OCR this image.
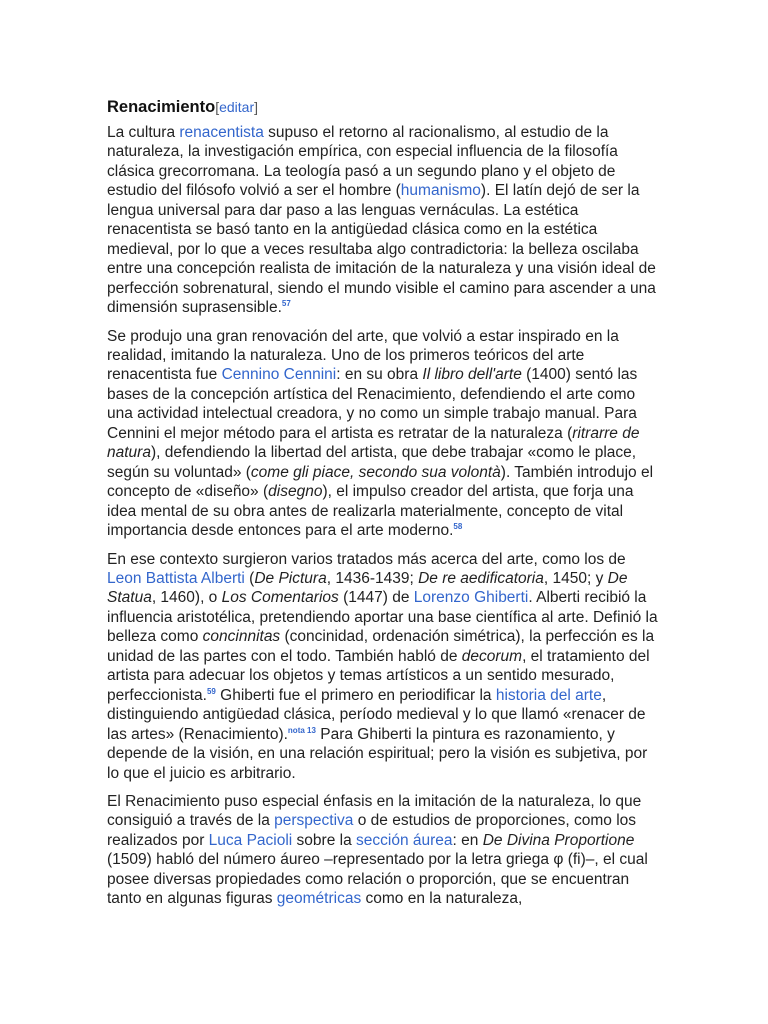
Renacimiento[editar]

La cultura renacentista supuso el retorno al racionalismo, al estudio de la naturaleza, la investigación empírica, con especial influencia de la filosofía clásica grecorromana. La teología pasó a un segundo plano y el objeto de estudio del filósofo volvió a ser el hombre (humanismo). El latín dejó de ser la lengua universal para dar paso a las lenguas vernáculas. La estética renacentista se basó tanto en la antigüedad clásica como en la estética medieval, por lo que a veces resultaba algo contradictoria: la belleza oscilaba entre una concepción realista de imitación de la naturaleza y una visión ideal de perfección sobrenatural, siendo el mundo visible el camino para ascender a una dimensión suprasensible.$^{57}$

Se produjo una gran renovación del arte, que volvió a estar inspirado en la realidad, imitando la naturaleza. Uno de los primeros teóricos del arte renacentista fue Cennino Cennini: en su obra Il libro dell'arte (1400) sentó las bases de la concepción artística del Renacimiento, defendiendo el arte como una actividad intelectual creadora, y no como un simple trabajo manual. Para Cennini el mejor método para el artista es retratar de la naturaleza (ritrarre de natura), defendiendo la libertad del artista, que debe trabajar «como le place, según su voluntad» (come gli piace, secondo sua volontà). También introdujo el concepto de «diseño» (disegno), el impulso creador del artista, que forja una idea mental de su obra antes de realizarla materialmente, concepto de vital importancia desde entonces para el arte moderno.$^{58}$

En ese contexto surgieron varios tratados más acerca del arte, como los de Leon Battista Alberti (De Pictura, 1436-1439; De re aedificatoria, 1450; y De Statua, 1460), o Los Comentarios (1447) de Lorenzo Ghiberti. Alberti recibió la influencia aristotélica, pretendiendo aportar una base científica al arte. Definió la belleza como concinnitas (concinidad, ordenación simétrica), la perfección es la unidad de las partes con el todo. También habló de decorum, el tratamiento del artista para adecuar los objetos y temas artísticos a un sentido mesurado, perfeccionista.$^{59}$ Ghiberti fue el primero en periodificar la historia del arte, distinguiendo antigüedad clásica, período medieval y lo que llamó «renacer de las artes» (Renacimiento).$^{nota 13}$ Para Ghiberti la pintura es razonamiento, y depende de la visión, en una relación espiritual; pero la visión es subjetiva, por lo que el juicio es arbitrario.

El Renacimiento puso especial énfasis en la imitación de la naturaleza, lo que consiguió a través de la perspectiva o de estudios de proporciones, como los realizados por Luca Pacioli sobre la sección áurea: en De Divina Proportione (1509) habló del número áureo –representado por la letra griega φ (fi)–, el cual posee diversas propiedades como relación o proporción, que se encuentran tanto en algunas figuras geométricas como en la naturaleza,
